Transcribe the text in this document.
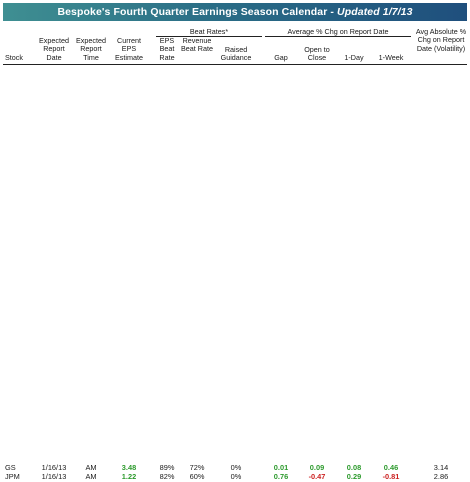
Bespoke's Fourth Quarter Earnings Season Calendar - Updated 1/7/13
Beat Rates*	Average % Chg on Report Date
Stock
Expected Report Date
Expected Report Time
Current EPS Estimate
EPS Beat Rate
Revenue Beat Rate	Raised Guidance	Gap
Open to Close	1-Day	1-Week
Avg Absolute % Chg on Report Date (Volatility)
GS	1/16/13	AM	3.48	89%	72%	0%	0.01	0.09	0.08	0.46	3.14
JPM	1/16/13	AM	1.22	82%	60%	0%	0.76	-0.47	0.29	-0.81	2.86
